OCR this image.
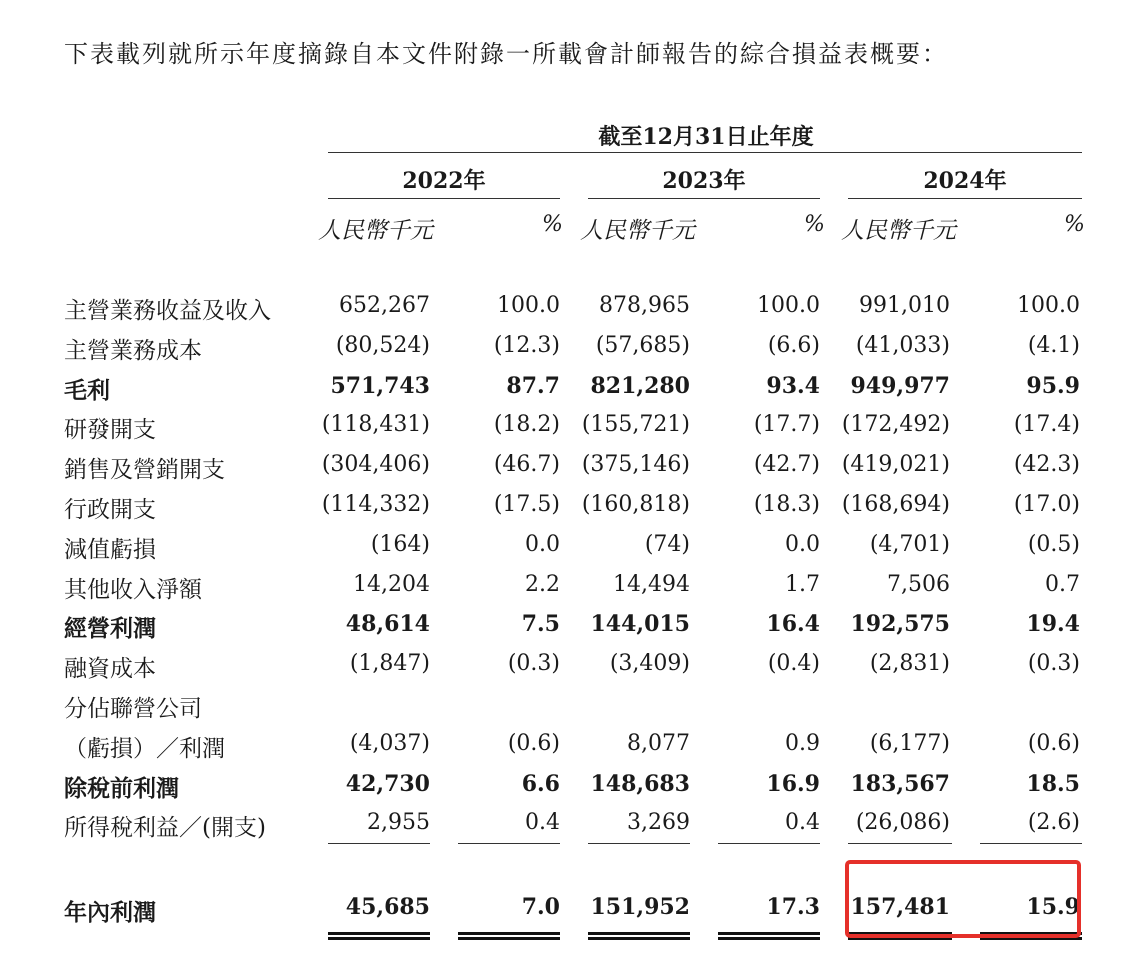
下表載列就所示年度摘錄自本文件附錄一所載會計師報告的綜合損益表概要：
截至12月31日止年度
2022年	2023年	2024年
人民幣千元	% 人民幣千元	% 人民幣千元	%
主營業務收益及收入	652,267	100.0	878,965	100.0	991,010	100.0
主營業務成本	(80,524)	(12.3)	(57,685)	(6.6)	(41,033)	(4.1)
毛利	571,743	87.7	821,280	93.4	949,977	95.9
研發開支	(118,431)	(18.2) (155,721)	(17.7) (172,492)	(17.4)
銷售及營銷開支	(304,406)	(46.7) (375,146)	(42.7) (419,021)	(42.3)
行政開支	(114,332)	(17.5) (160,818)	(18.3) (168,694)	(17.0)
減值虧損	(164)	0.0	(74)	0.0	(4,701)	(0.5)
其他收入淨額	14,204	2.2	14,494	1.7	7,506	0.7
經營利潤	48,614	7.5	144,015	16.4	192,575	19.4
融資成本	(1,847)	(0.3)	(3,409)	(0.4)	(2,831)	(0.3)
分佔聯營公司
（虧損）／利潤	(4,037)	(0.6)	8,077	0.9	(6,177)	(0.6)
除稅前利潤	42,730	6.6	148,683	16.9	183,567	18.5
所得稅利益／(開支)	2,955	0.4	3,269	0.4	(26,086)	(2.6)
年內利潤	45,685	7.0	151,952	17.3	157,481	15.9
